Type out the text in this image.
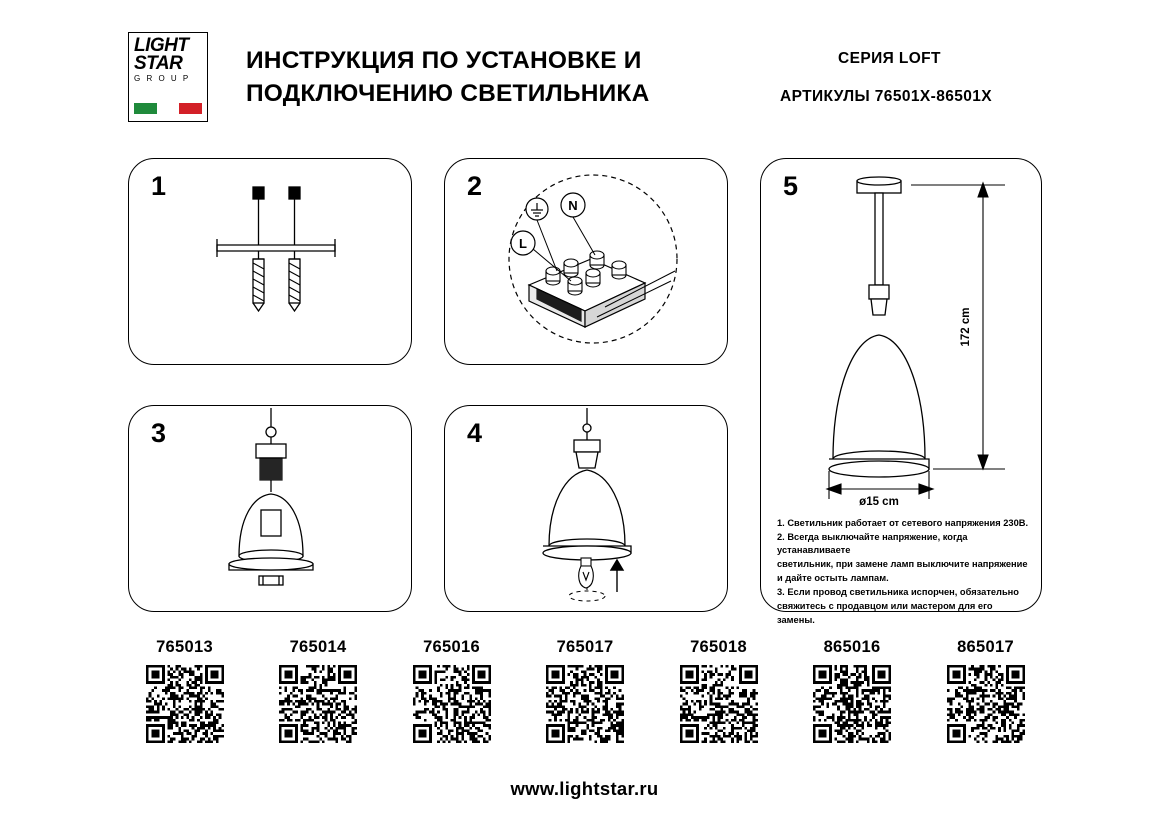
LIGHT
STAR
G R O U P
ИНСТРУКЦИЯ ПО УСТАНОВКЕ И ПОДКЛЮЧЕНИЮ СВЕТИЛЬНИКА
СЕРИЯ LOFT
АРТИКУЛЫ 76501Х-86501Х
1	2
N
L
3	4
5
172 cm
ø15 cm
1. Светильник работает от сетевого напряжения 230В.
2. Всегда выключайте напряжение, когда устанавливаете
светильник, при замене ламп выключите напряжение
и дайте остыть лампам.
3. Если провод светильника испорчен, обязательно
свяжитесь с продавцом или мастером для его замены.
765013	765014	765016	765017	765018	865016	865017
www.lightstar.ru
